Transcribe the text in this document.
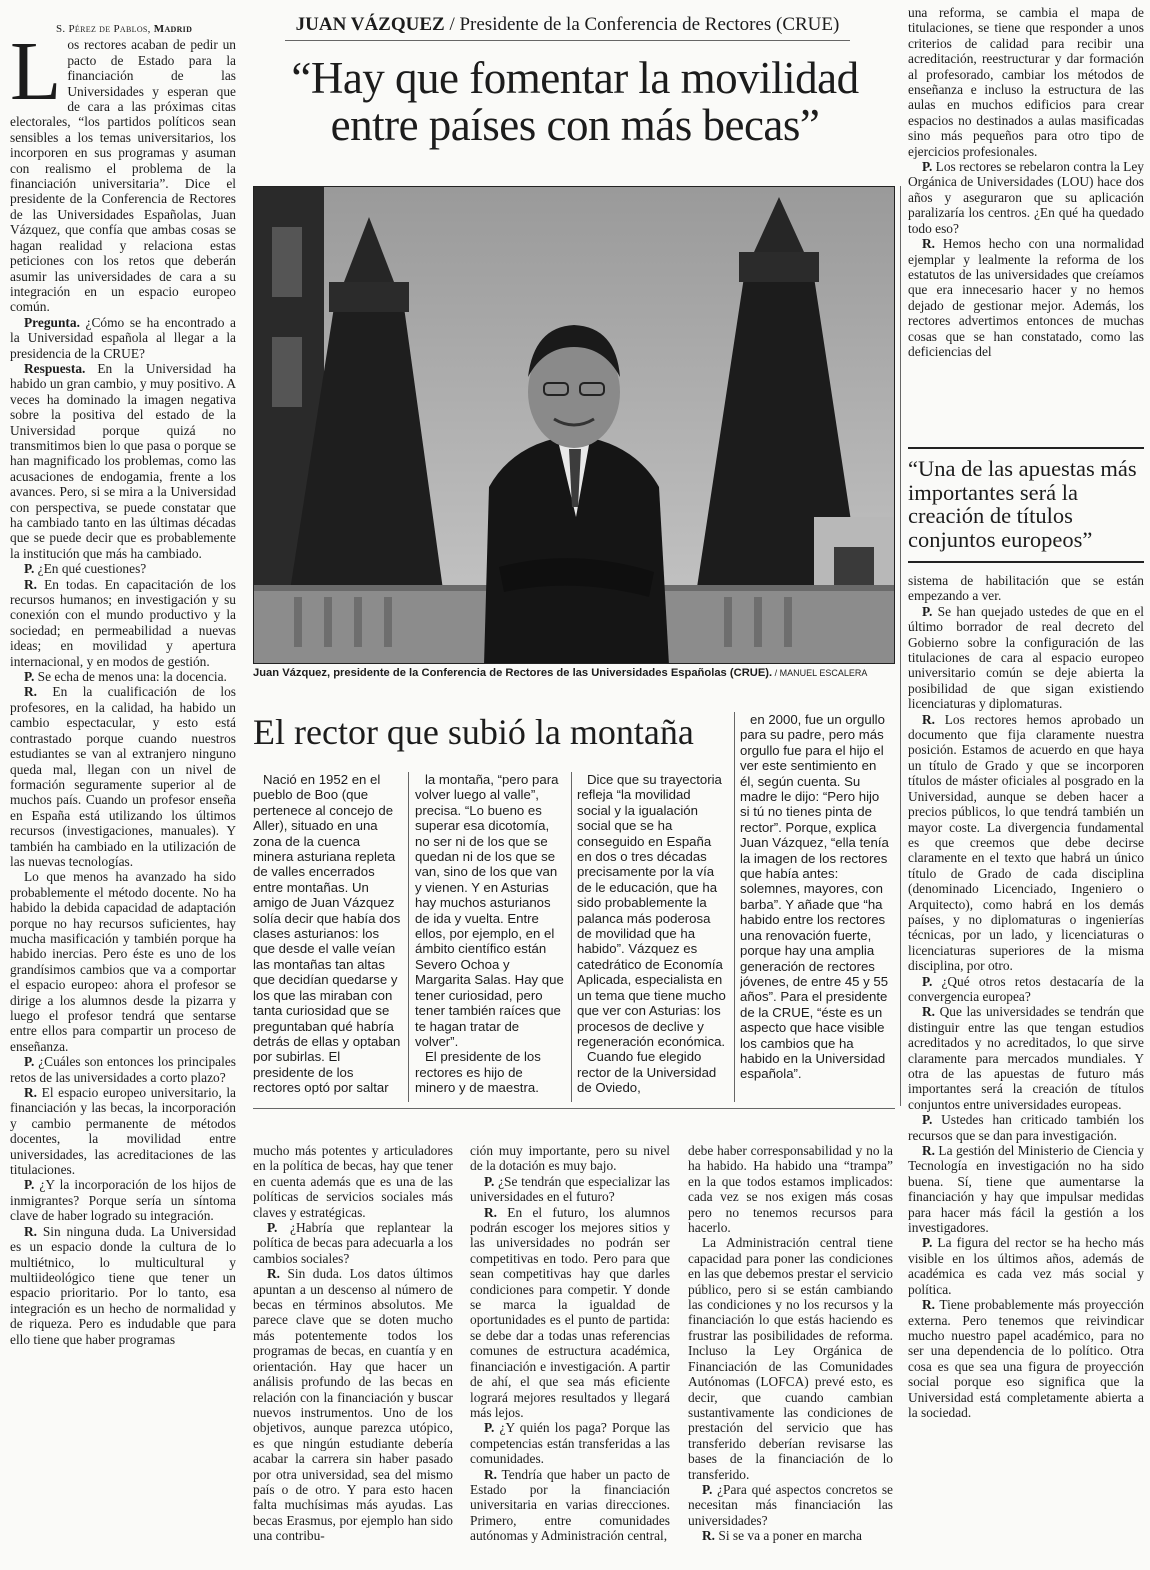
JUAN VÁZQUEZ / Presidente de la Conferencia de Rectores (CRUE)
“Hay que fomentar la movilidad
entre países con más becas”

S. Pérez de Pablos, Madrid

Los rectores acaban de pedir un pacto de Estado para la financiación de las Universidades y esperan que de cara a las próximas citas electorales, “los partidos políticos sean sensibles a los temas universitarios, los incorporen en sus programas y asuman con realismo el problema de la financiación universitaria”. Dice el presidente de la Conferencia de Rectores de las Universidades Españolas, Juan Vázquez, que confía que ambas cosas se hagan realidad y relaciona estas peticiones con los retos que deberán asumir las universidades de cara a su integración en un espacio europeo común.

Pregunta. ¿Cómo se ha encontrado a la Universidad española al llegar a la presidencia de la CRUE?

Respuesta. En la Universidad ha habido un gran cambio, y muy positivo. A veces ha dominado la imagen negativa sobre la positiva del estado de la Universidad porque quizá no transmitimos bien lo que pasa o porque se han magnificado los problemas, como las acusaciones de endogamia, frente a los avances. Pero, si se mira a la Universidad con perspectiva, se puede constatar que ha cambiado tanto en las últimas décadas que se puede decir que es probablemente la institución que más ha cambiado.

P. ¿En qué cuestiones?

R. En todas. En capacitación de los recursos humanos; en investigación y su conexión con el mundo productivo y la sociedad; en permeabilidad a nuevas ideas; en movilidad y apertura internacional, y en modos de gestión.

P. Se echa de menos una: la docencia.

R. En la cualificación de los profesores, en la calidad, ha habido un cambio espectacular, y esto está contrastado porque cuando nuestros estudiantes se van al extranjero ninguno queda mal, llegan con un nivel de formación seguramente superior al de muchos país. Cuando un profesor enseña en España está utilizando los últimos recursos (investigaciones, manuales). Y también ha cambiado en la utilización de las nuevas tecnologías.

Lo que menos ha avanzado ha sido probablemente el método docente. No ha habido la debida capacidad de adaptación porque no hay recursos suficientes, hay mucha masificación y también porque ha habido inercias. Pero éste es uno de los grandísimos cambios que va a comportar el espacio europeo: ahora el profesor se dirige a los alumnos desde la pizarra y luego el profesor tendrá que sentarse entre ellos para compartir un proceso de enseñanza.

P. ¿Cuáles son entonces los principales retos de las universidades a corto plazo?

R. El espacio europeo universitario, la financiación y las becas, la incorporación y cambio permanente de métodos docentes, la movilidad entre universidades, las acreditaciones de las titulaciones.

P. ¿Y la incorporación de los hijos de inmigrantes? Porque sería un síntoma clave de haber logrado su integración.

R. Sin ninguna duda. La Universidad es un espacio donde la cultura de lo multiétnico, lo multicultural y multiideológico tiene que tener un espacio prioritario. Por lo tanto, esa integración es un hecho de normalidad y de riqueza. Pero es indudable que para ello tiene que haber programas

Juan Vázquez, presidente de la Conferencia de Rectores de las Universidades Españolas (CRUE). / MANUEL ESCALERA

una reforma, se cambia el mapa de titulaciones, se tiene que responder a unos criterios de calidad para recibir una acreditación, reestructurar y dar formación al profesorado, cambiar los métodos de enseñanza e incluso la estructura de las aulas en muchos edificios para crear espacios no destinados a aulas masificadas sino más pequeños para otro tipo de ejercicios profesionales.

P. Los rectores se rebelaron contra la Ley Orgánica de Universidades (LOU) hace dos años y aseguraron que su aplicación paralizaría los centros. ¿En qué ha quedado todo eso?

R. Hemos hecho con una normalidad ejemplar y lealmente la reforma de los estatutos de las universidades que creíamos que era innecesario hacer y no hemos dejado de gestionar mejor. Además, los rectores advertimos entonces de muchas cosas que se han constatado, como las deficiencias del

“Una de las apuestas más importantes será la creación de títulos conjuntos europeos”

sistema de habilitación que se están empezando a ver.

P. Se han quejado ustedes de que en el último borrador de real decreto del Gobierno sobre la configuración de las titulaciones de cara al espacio europeo universitario común se deje abierta la posibilidad de que sigan existiendo licenciaturas y diplomaturas.

R. Los rectores hemos aprobado un documento que fija claramente nuestra posición. Estamos de acuerdo en que haya un título de Grado y que se incorporen títulos de máster oficiales al posgrado en la Universidad, aunque se deben hacer a precios públicos, lo que tendrá también un mayor coste. La divergencia fundamental es que creemos que debe decirse claramente en el texto que habrá un único título de Grado de cada disciplina (denominado Licenciado, Ingeniero o Arquitecto), como habrá en los demás países, y no diplomaturas o ingenierías técnicas, por un lado, y licenciaturas o licenciaturas superiores de la misma disciplina, por otro.

P. ¿Qué otros retos destacaría de la convergencia europea?

R. Que las universidades se tendrán que distinguir entre las que tengan estudios acreditados y no acreditados, lo que sirve claramente para mercados mundiales. Y otra de las apuestas de futuro más importantes será la creación de títulos conjuntos entre universidades europeas.

P. Ustedes han criticado también los recursos que se dan para investigación.

R. La gestión del Ministerio de Ciencia y Tecnología en investigación no ha sido buena. Sí, tiene que aumentarse la financiación y hay que impulsar medidas para hacer más fácil la gestión a los investigadores.

P. La figura del rector se ha hecho más visible en los últimos años, además de académica es cada vez más social y política.

R. Tiene probablemente más proyección externa. Pero tenemos que reivindicar mucho nuestro papel académico, para no ser una dependencia de lo político. Otra cosa es que sea una figura de proyección social porque eso significa que la Universidad está completamente abierta a la sociedad.

El rector que subió la montaña

Nació en 1952 en el pueblo de Boo (que pertenece al concejo de Aller), situado en una zona de la cuenca minera asturiana repleta de valles encerrados entre montañas. Un amigo de Juan Vázquez solía decir que había dos clases asturianos: los que desde el valle veían las montañas tan altas que decidían quedarse y los que las miraban con tanta curiosidad que se preguntaban qué habría detrás de ellas y optaban por subirlas. El presidente de los rectores optó por saltar

la montaña, “pero para volver luego al valle”, precisa. “Lo bueno es superar esa dicotomía, no ser ni de los que se quedan ni de los que se van, sino de los que van y vienen. Y en Asturias hay muchos asturianos de ida y vuelta. Entre ellos, por ejemplo, en el ámbito científico están Severo Ochoa y Margarita Salas. Hay que tener curiosidad, pero tener también raíces que te hagan tratar de volver”.

El presidente de los rectores es hijo de minero y de maestra.

Dice que su trayectoria refleja “la movilidad social y la igualación social que se ha conseguido en España en dos o tres décadas precisamente por la vía de le educación, que ha sido probablemente la palanca más poderosa de movilidad que ha habido”. Vázquez es catedrático de Economía Aplicada, especialista en un tema que tiene mucho que ver con Asturias: los procesos de declive y regeneración económica.

Cuando fue elegido rector de la Universidad de Oviedo,

en 2000, fue un orgullo para su padre, pero más orgullo fue para el hijo el ver este sentimiento en él, según cuenta. Su madre le dijo: “Pero hijo si tú no tienes pinta de rector”. Porque, explica Juan Vázquez, “ella tenía la imagen de los rectores que había antes: solemnes, mayores, con barba”. Y añade que “ha habido entre los rectores una renovación fuerte, porque hay una amplia generación de rectores jóvenes, de entre 45 y 55 años”. Para el presidente de la CRUE, “éste es un aspecto que hace visible los cambios que ha habido en la Universidad española”.

mucho más potentes y articuladores en la política de becas, hay que tener en cuenta además que es una de las políticas de servicios sociales más claves y estratégicas.

P. ¿Habría que replantear la política de becas para adecuarla a los cambios sociales?

R. Sin duda. Los datos últimos apuntan a un descenso al número de becas en términos absolutos. Me parece clave que se doten mucho más potentemente todos los programas de becas, en cuantía y en orientación. Hay que hacer un análisis profundo de las becas en relación con la financiación y buscar nuevos instrumentos. Uno de los objetivos, aunque parezca utópico, es que ningún estudiante debería acabar la carrera sin haber pasado por otra universidad, sea del mismo país o de otro. Y para esto hacen falta muchísimas más ayudas. Las becas Erasmus, por ejemplo han sido una contribu-

ción muy importante, pero su nivel de la dotación es muy bajo.

P. ¿Se tendrán que especializar las universidades en el futuro?

R. En el futuro, los alumnos podrán escoger los mejores sitios y las universidades no podrán ser competitivas en todo. Pero para que sean competitivas hay que darles condiciones para competir. Y donde se marca la igualdad de oportunidades es el punto de partida: se debe dar a todas unas referencias comunes de estructura académica, financiación e investigación. A partir de ahí, el que sea más eficiente logrará mejores resultados y llegará más lejos.

P. ¿Y quién los paga? Porque las competencias están transferidas a las comunidades.

R. Tendría que haber un pacto de Estado por la financiación universitaria en varias direcciones. Primero, entre comunidades autónomas y Administración central,

debe haber corresponsabilidad y no la ha habido. Ha habido una “trampa” en la que todos estamos implicados: cada vez se nos exigen más cosas pero no tenemos recursos para hacerlo.

La Administración central tiene capacidad para poner las condiciones en las que debemos prestar el servicio público, pero si se están cambiando las condiciones y no los recursos y la financiación lo que estás haciendo es frustrar las posibilidades de reforma. Incluso la Ley Orgánica de Financiación de las Comunidades Autónomas (LOFCA) prevé esto, es decir, que cuando cambian sustantivamente las condiciones de prestación del servicio que has transferido deberían revisarse las bases de la financiación de lo transferido.

P. ¿Para qué aspectos concretos se necesitan más financiación las universidades?

R. Si se va a poner en marcha
